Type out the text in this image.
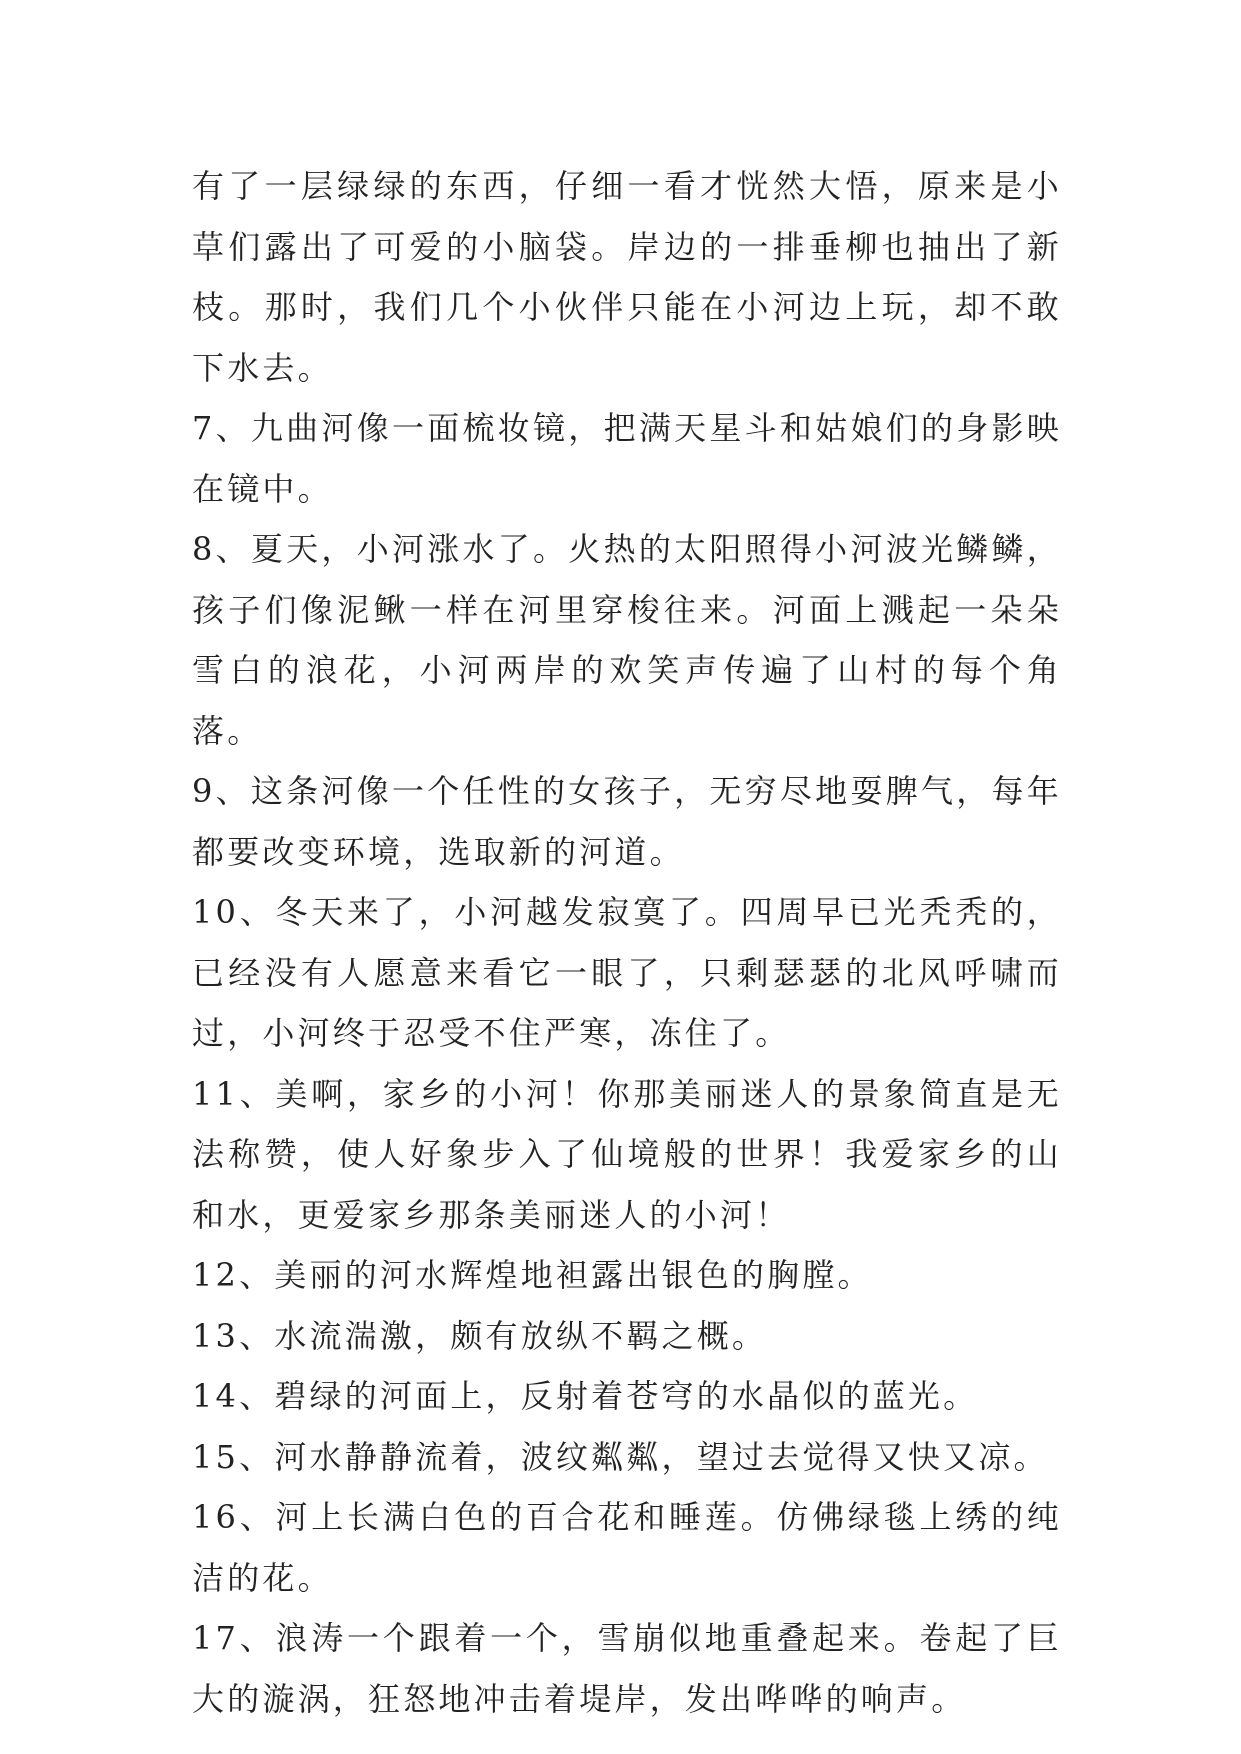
有了一层绿绿的东西，仔细一看才恍然大悟，原来是小草们露出了可爱的小脑袋。岸边的一排垂柳也抽出了新枝。那时，我们几个小伙伴只能在小河边上玩，却不敢下水去。

7、九曲河像一面梳妆镜，把满天星斗和姑娘们的身影映在镜中。

8、夏天，小河涨水了。火热的太阳照得小河波光鳞鳞，孩子们像泥鳅一样在河里穿梭往来。河面上溅起一朵朵雪白的浪花，小河两岸的欢笑声传遍了山村的每个角落。

9、这条河像一个任性的女孩子，无穷尽地耍脾气，每年都要改变环境，选取新的河道。

10、冬天来了，小河越发寂寞了。四周早已光秃秃的，已经没有人愿意来看它一眼了，只剩瑟瑟的北风呼啸而过，小河终于忍受不住严寒，冻住了。

11、美啊，家乡的小河！你那美丽迷人的景象简直是无法称赞，使人好象步入了仙境般的世界！我爱家乡的山和水，更爱家乡那条美丽迷人的小河！

12、美丽的河水辉煌地袒露出银色的胸膛。

13、水流湍激，颇有放纵不羁之概。

14、碧绿的河面上，反射着苍穹的水晶似的蓝光。

15、河水静静流着，波纹粼粼，望过去觉得又快又凉。

16、河上长满白色的百合花和睡莲。仿佛绿毯上绣的纯洁的花。

17、浪涛一个跟着一个，雪崩似地重叠起来。卷起了巨大的漩涡，狂怒地冲击着堤岸，发出哗哗的响声。
